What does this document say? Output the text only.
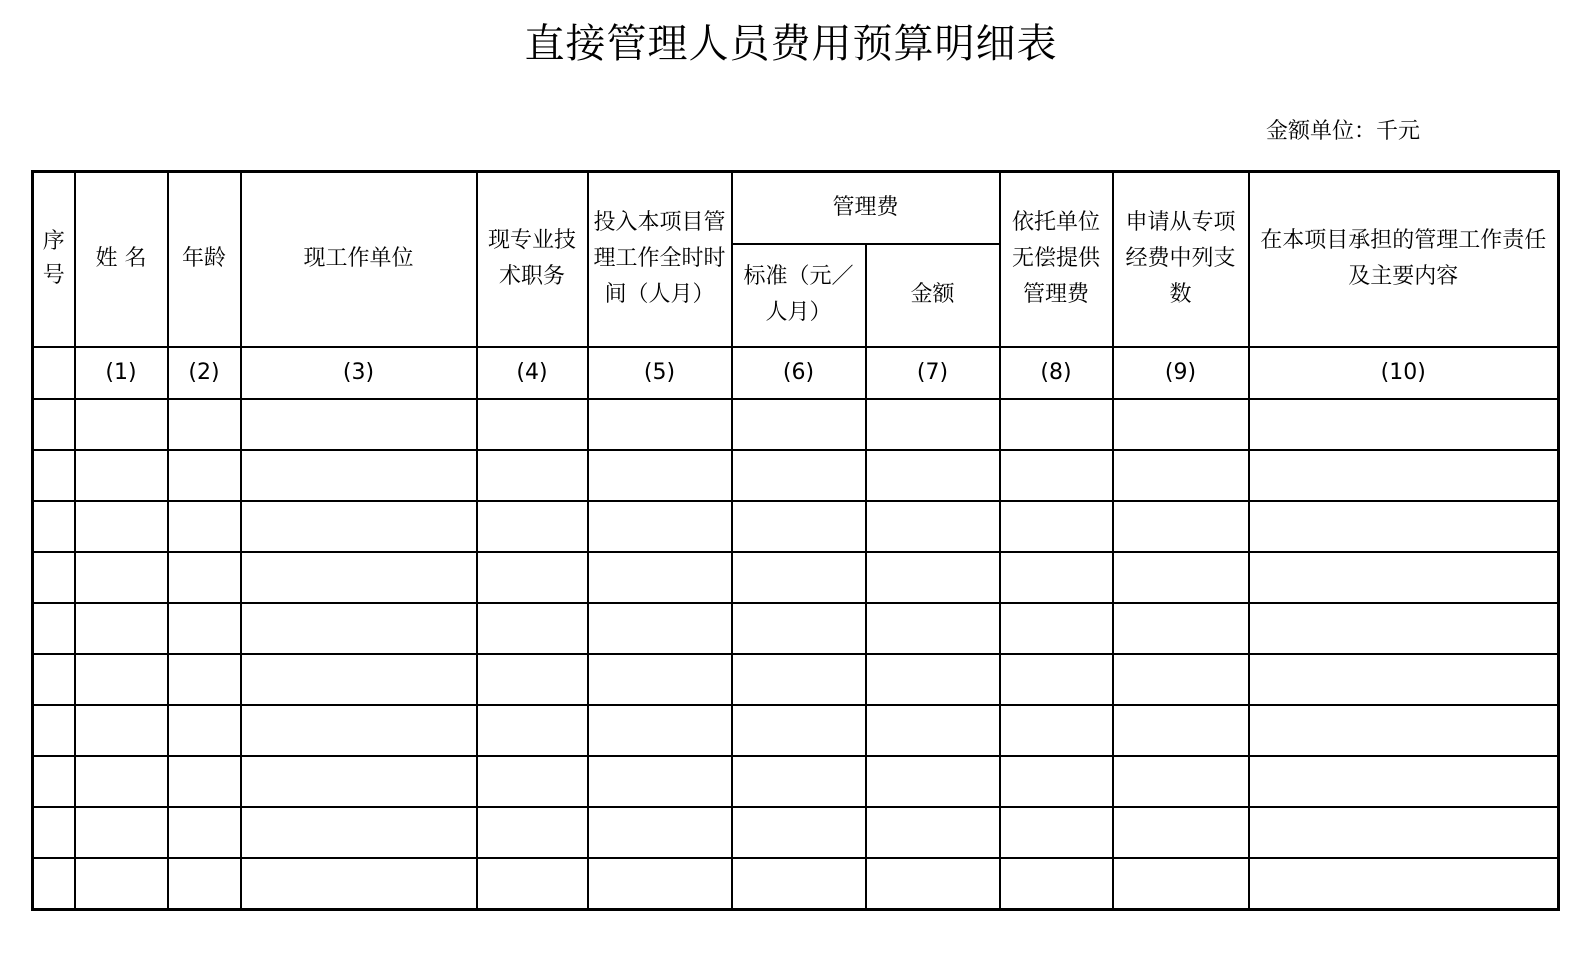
直接管理人员费用预算明细表
金额单位：千元
序号	姓 名	年龄	现工作单位	现专业技术职务	投入本项目管理工作全时时间（人月）	管理费		依托单位无偿提供管理费	申请从专项经费中列支数	在本项目承担的管理工作责任及主要内容
						标准（元／人月）	金额			
	(1)	(2)	(3)	(4)	(5)	(6)	(7)	(8)	(9)	(10)
